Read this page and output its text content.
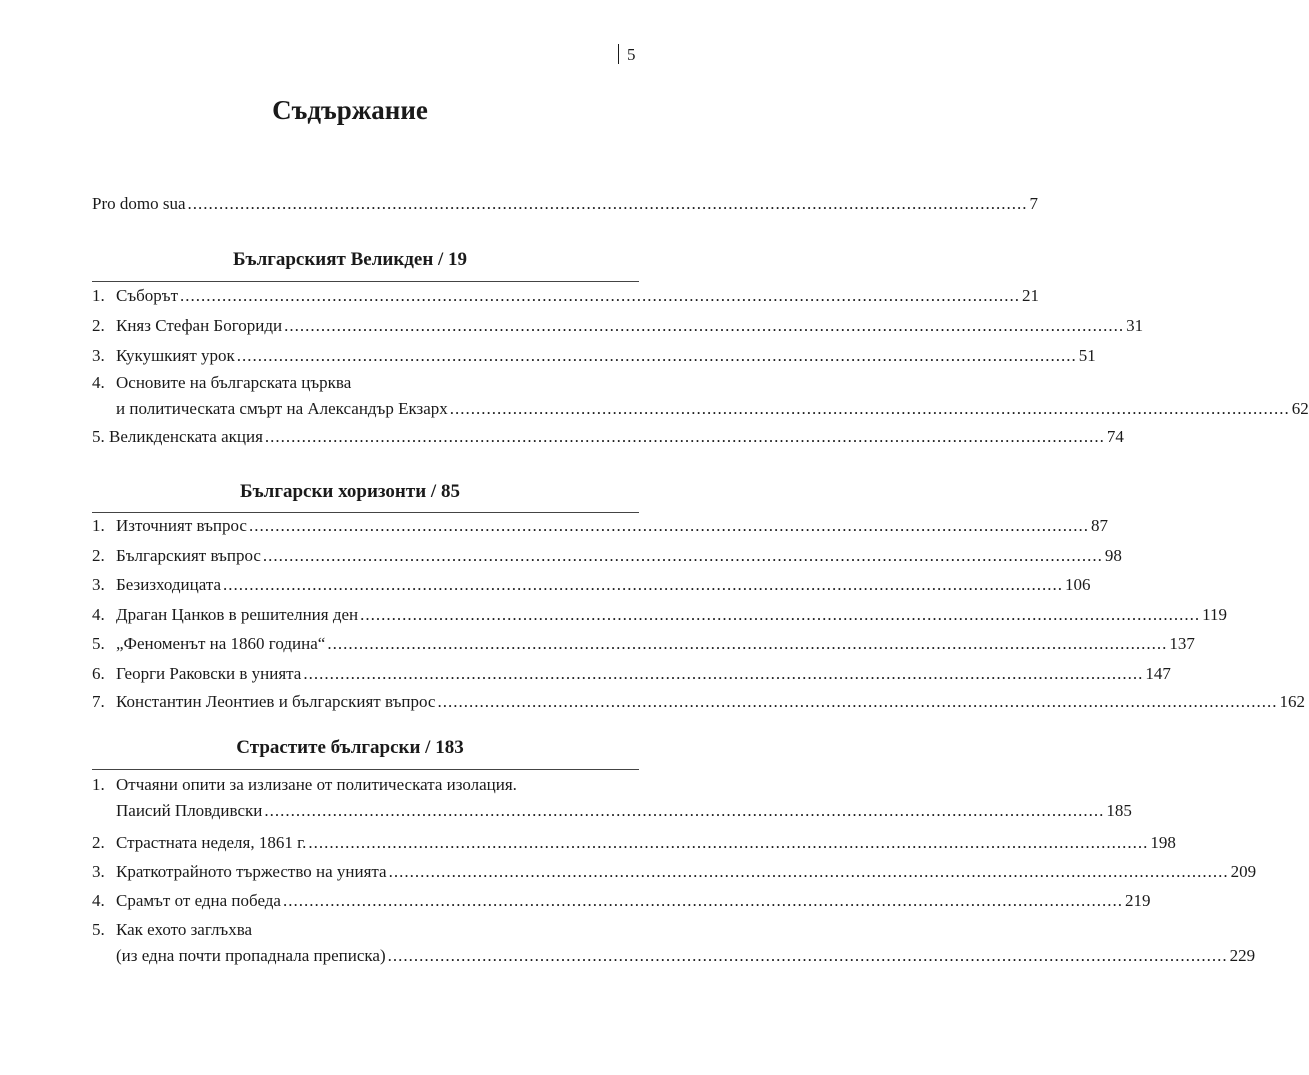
5
Съдържание
Pro domo sua ................................................................................................................................................................ 7
Българският Великден / 19
1. Съборът ................................................................................................................................................................ 21
2. Княз Стефан Богориди ................................................................................................................................................................ 31
3. Кукушкият урок ................................................................................................................................................................ 51
4. Основите на българската църква
и политическата смърт на Александър Екзарх ................................................................................................................................................................ 62
5. Великденската акция ................................................................................................................................................................ 74
Български хоризонти / 85
1. Източният въпрос ................................................................................................................................................................ 87
2. Българският въпрос ................................................................................................................................................................ 98
3. Безизходицата ................................................................................................................................................................ 106
4. Драган Цанков в решителния ден ................................................................................................................................................................ 119
5. „Феноменът на 1860 година“ ................................................................................................................................................................ 137
6. Георги Раковски в унията ................................................................................................................................................................ 147
7. Константин Леонтиев и българският въпрос ................................................................................................................................................................ 162
Страстите български / 183
1. Отчаяни опити за излизане от политическата изолация.
Паисий Пловдивски ................................................................................................................................................................ 185
2. Страстната неделя, 1861 г. ................................................................................................................................................................ 198
3. Краткотрайното тържество на унията ................................................................................................................................................................ 209
4. Срамът от една победа ................................................................................................................................................................ 219
5. Как ехото заглъхва
(из една почти пропаднала преписка) ................................................................................................................................................................ 229
